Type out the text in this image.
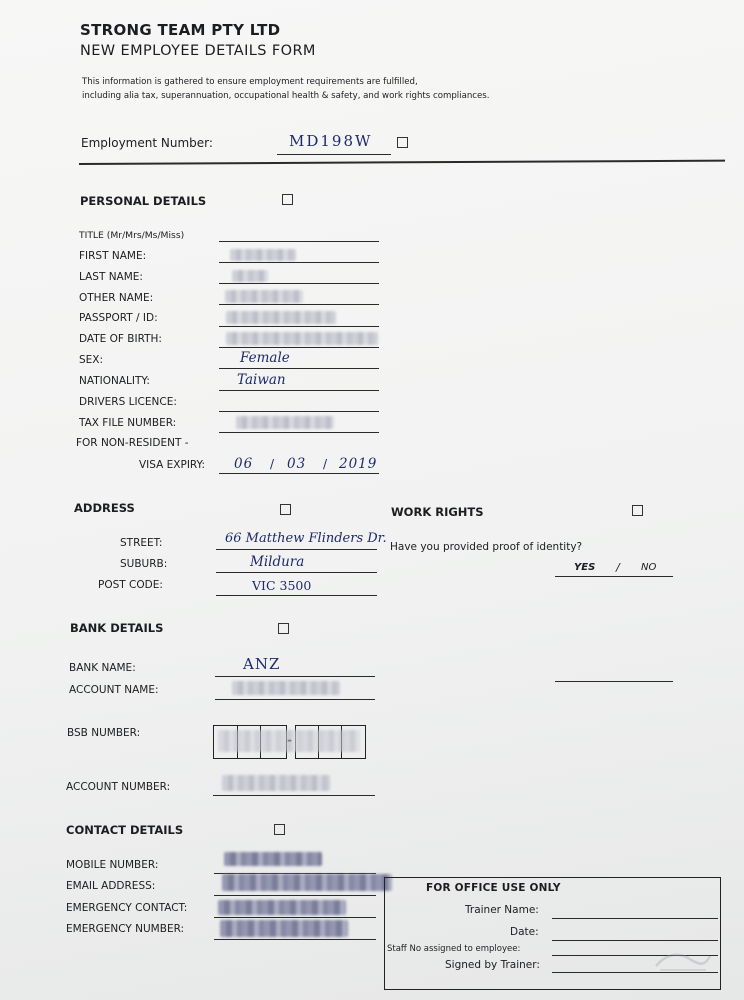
STRONG TEAM PTY LTD
NEW EMPLOYEE DETAILS FORM
This information is gathered to ensure employment requirements are fulfilled,
including alia tax, superannuation, occupational health & safety, and work rights compliances.
Employment Number:	MD198W
PERSONAL DETAILS
TITLE (Mr/Mrs/Ms/Miss)
FIRST NAME:
LAST NAME:
OTHER NAME:
PASSPORT / ID:
DATE OF BIRTH:
SEX:	Female
NATIONALITY:	Taiwan
DRIVERS LICENCE:
TAX FILE NUMBER:
FOR NON-RESIDENT -
VISA EXPIRY: 06 / 03 / 2019
ADDRESS
STREET:	66 Matthew Flinders Dr.
SUBURB:	Mildura
POST CODE:	VIC 3500
WORK RIGHTS
Have you provided proof of identity?
YES / NO
BANK DETAILS
BANK NAME:	ANZ
ACCOUNT NAME:
BSB NUMBER:
ACCOUNT NUMBER:
CONTACT DETAILS
MOBILE NUMBER:
EMAIL ADDRESS:
EMERGENCY CONTACT:
EMERGENCY NUMBER:
FOR OFFICE USE ONLY
Trainer Name:
Date:
Staff No assigned to employee:
Signed by Trainer:
